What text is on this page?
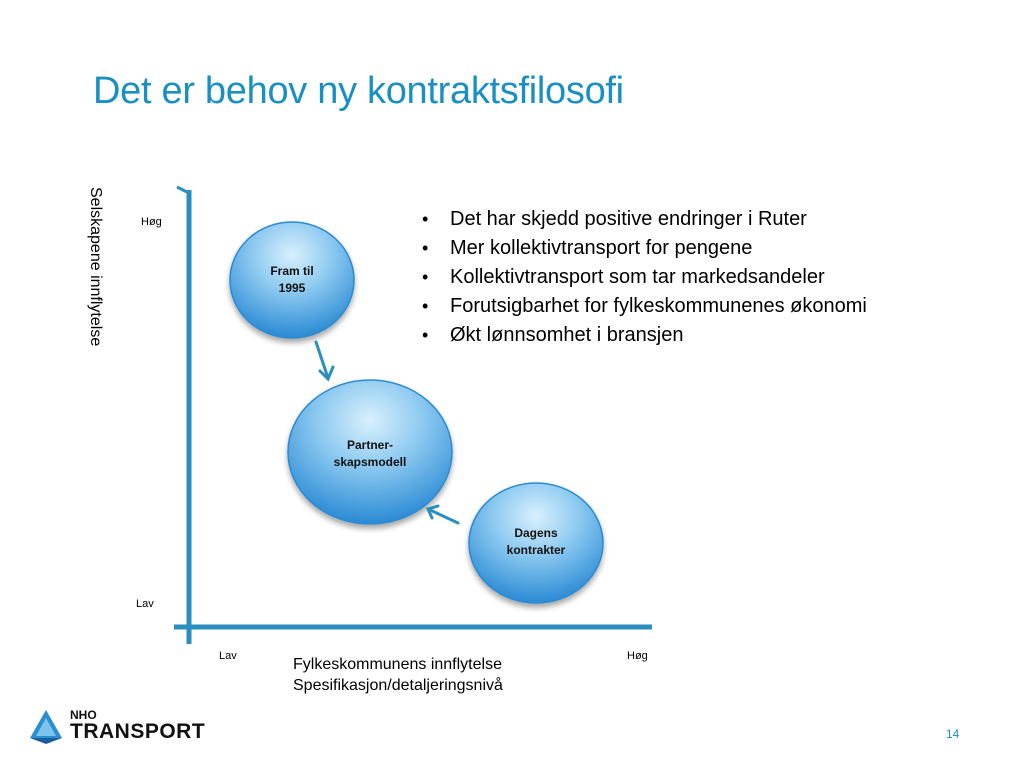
Det er behov ny kontraktsfilosofi
Selskapene innflytelse	Høg
Lav
Lav	Høg
Fylkeskommunens innflytelse
Spesifikasjon/detaljeringsnivå
Fram til
1995
Partner-
skapsmodell
Dagens
kontrakter
• Det har skjedd positive endringer i Ruter
• Mer kollektivtransport for pengene
• Kollektivtransport som tar markedsandeler
• Forutsigbarhet for fylkeskommunenes økonomi
• Økt lønnsomhet i bransjen
NHO
TRANSPORT	14
